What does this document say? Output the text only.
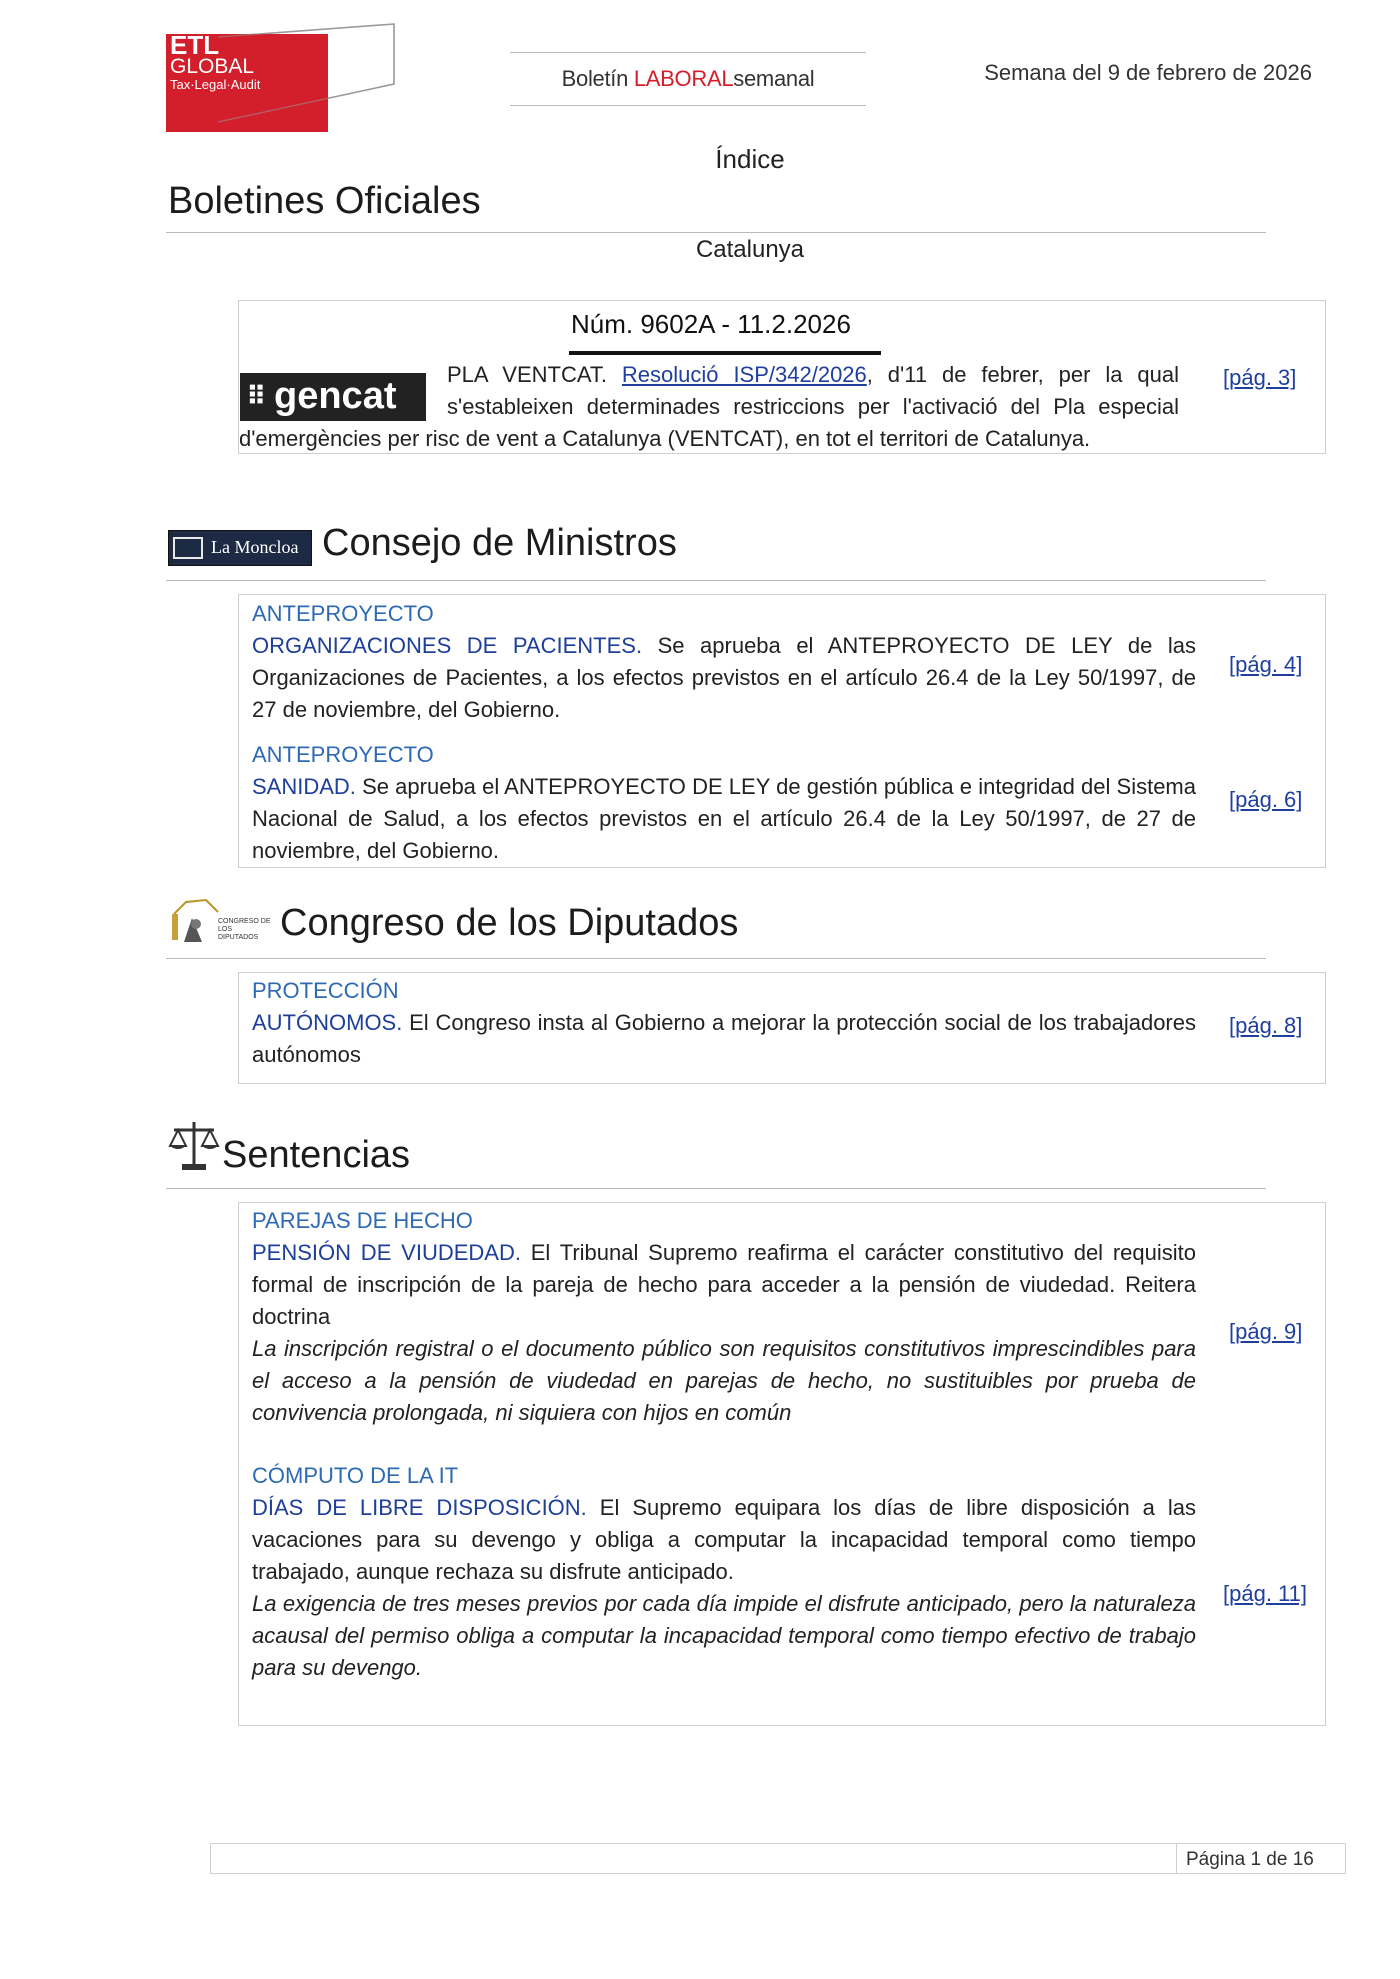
ETL
GLOBAL
Tax·Legal·Audit	Boletín LABORAL semanal	Semana del 9 de febrero de 2026
Índice
Boletines Oficiales
Catalunya
Núm. 9602A - 11.2.2026
⠿ gencat
PLA VENTCAT. Resolució ISP/342/2026, d'11 de febrer, per la qual s'estableixen determinades restriccions per l'activació del Pla especial d'emergències per risc de vent a Catalunya (VENTCAT), en tot el territori de Catalunya.
[pág. 3]
La Moncloa Consejo de Ministros
ANTEPROYECTO
ORGANIZACIONES DE PACIENTES. Se aprueba el ANTEPROYECTO DE LEY de las Organizaciones de Pacientes, a los efectos previstos en el artículo 26.4 de la Ley 50/1997, de 27 de noviembre, del Gobierno.
[pág. 4]
ANTEPROYECTO
SANIDAD. Se aprueba el ANTEPROYECTO DE LEY de gestión pública e integridad del Sistema Nacional de Salud, a los efectos previstos en el artículo 26.4 de la Ley 50/1997, de 27 de noviembre, del Gobierno.
[pág. 6]
CONGRESO DE LOS DIPUTADOS Congreso de los Diputados
PROTECCIÓN
AUTÓNOMOS. El Congreso insta al Gobierno a mejorar la protección social de los trabajadores autónomos
[pág. 8]
Sentencias
PAREJAS DE HECHO
PENSIÓN DE VIUDEDAD. El Tribunal Supremo reafirma el carácter constitutivo del requisito formal de inscripción de la pareja de hecho para acceder a la pensión de viudedad. Reitera doctrina
La inscripción registral o el documento público son requisitos constitutivos imprescindibles para el acceso a la pensión de viudedad en parejas de hecho, no sustituibles por prueba de convivencia prolongada, ni siquiera con hijos en común
[pág. 9]
CÓMPUTO DE LA IT
DÍAS DE LIBRE DISPOSICIÓN. El Supremo equipara los días de libre disposición a las vacaciones para su devengo y obliga a computar la incapacidad temporal como tiempo trabajado, aunque rechaza su disfrute anticipado.
La exigencia de tres meses previos por cada día impide el disfrute anticipado, pero la naturaleza acausal del permiso obliga a computar la incapacidad temporal como tiempo efectivo de trabajo para su devengo.
[pág. 11]
Página 1 de 16
